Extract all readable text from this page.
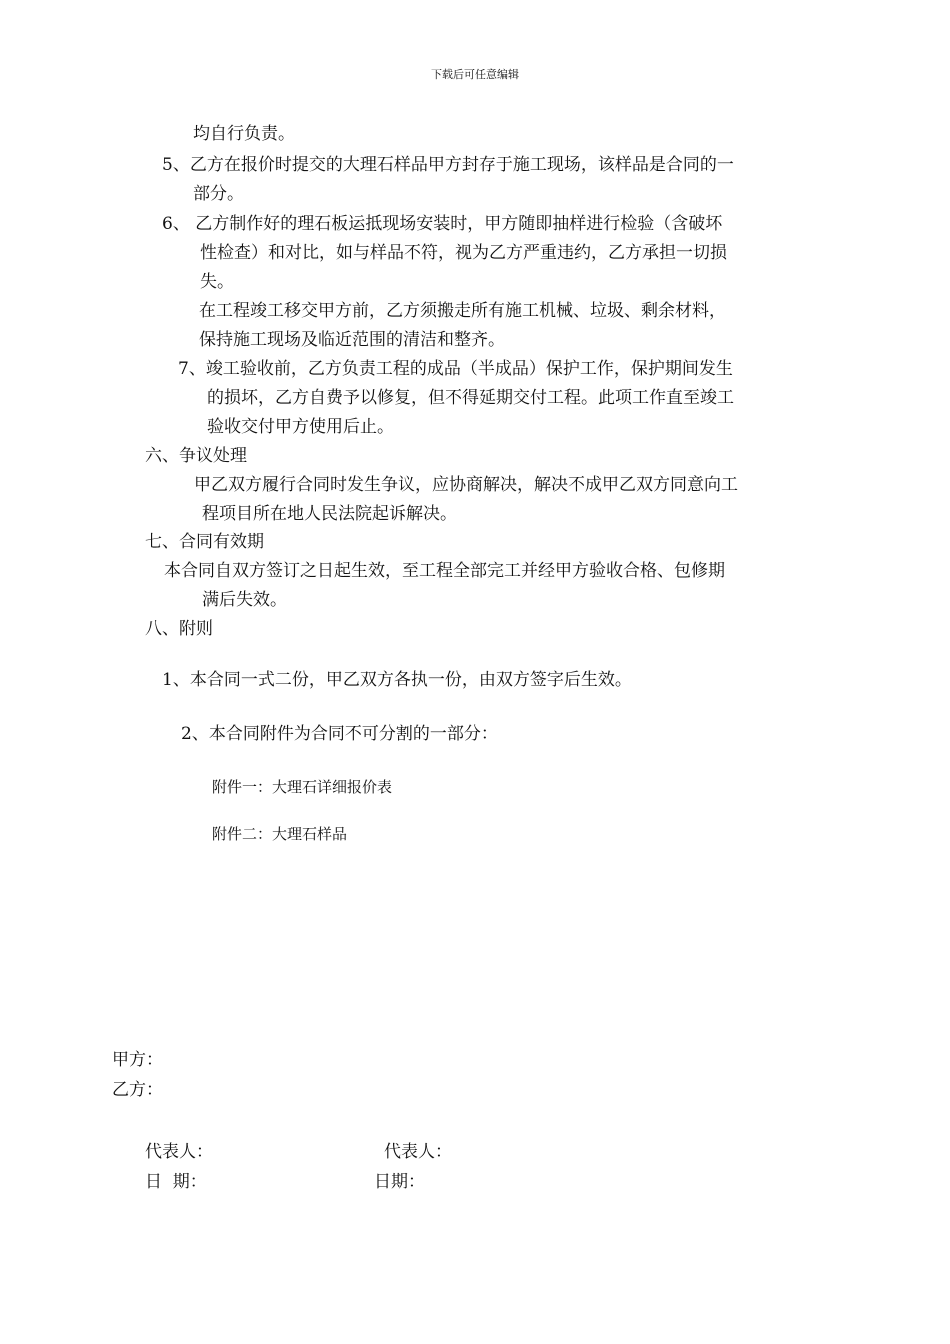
下载后可任意编辑
均自行负责。
5、乙方在报价时提交的大理石样品甲方封存于施工现场，该样品是合同的一
部分。
6、 乙方制作好的理石板运抵现场安装时，甲方随即抽样进行检验（含破坏
性检查）和对比，如与样品不符，视为乙方严重违约，乙方承担一切损
失。
在工程竣工移交甲方前，乙方须搬走所有施工机械、垃圾、剩余材料，
保持施工现场及临近范围的清洁和整齐。
7、竣工验收前，乙方负责工程的成品（半成品）保护工作，保护期间发生
的损坏，乙方自费予以修复，但不得延期交付工程。此项工作直至竣工
验收交付甲方使用后止。
六、争议处理
甲乙双方履行合同时发生争议，应协商解决，解决不成甲乙双方同意向工
程项目所在地人民法院起诉解决。
七、合同有效期
本合同自双方签订之日起生效，至工程全部完工并经甲方验收合格、包修期
满后失效。
八、附则
1、本合同一式二份，甲乙双方各执一份，由双方签字后生效。
2、本合同附件为合同不可分割的一部分：
附件一：大理石详细报价表
附件二：大理石样品
甲方：
乙方：
代表人：	代表人：
日  期：	日期：
